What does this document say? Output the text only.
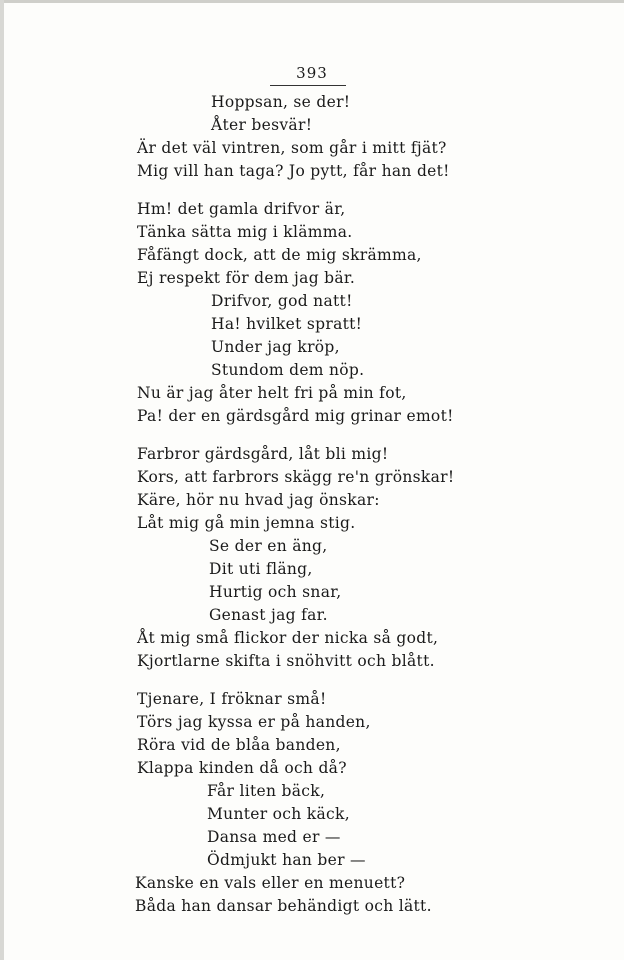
393
Hoppsan, se der!
Åter besvär!
Är det väl vintren, som går i mitt fjät?
Mig vill han taga? Jo pytt, får han det!
Hm! det gamla drifvor är,
Tänka sätta mig i klämma.
Fåfängt dock, att de mig skrämma,
Ej respekt för dem jag bär.
Drifvor, god natt!
Ha! hvilket spratt!
Under jag kröp,
Stundom dem nöp.
Nu är jag åter helt fri på min fot,
Pa! der en gärdsgård mig grinar emot!
Farbror gärdsgård, låt bli mig!
Kors, att farbrors skägg re'n grönskar!
Käre, hör nu hvad jag önskar:
Låt mig gå min jemna stig.
Se der en äng,
Dit uti fläng,
Hurtig och snar,
Genast jag far.
Åt mig små flickor der nicka så godt,
Kjortlarne skifta i snöhvitt och blått.
Tjenare, I fröknar små!
Törs jag kyssa er på handen,
Röra vid de blåa banden,
Klappa kinden då och då?
Får liten bäck,
Munter och käck,
Dansa med er —
Ödmjukt han ber —
Kanske en vals eller en menuett?
Båda han dansar behändigt och lätt.
